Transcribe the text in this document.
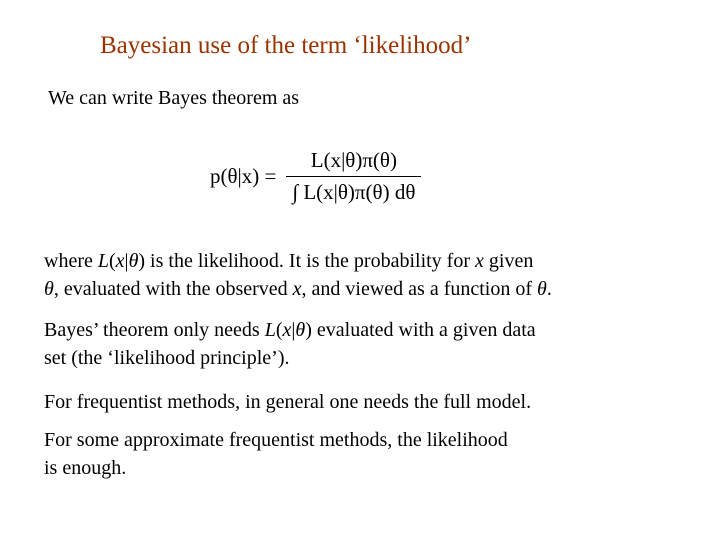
Bayesian use of the term ‘likelihood’
We can write Bayes theorem as
$p(\theta|x) = \frac{L(x|\theta)\pi(\theta)}{\int L(x|\theta)\pi(\theta) d\theta}$
where L(x|θ) is the likelihood. It is the probability for x given
θ, evaluated with the observed x, and viewed as a function of θ.
Bayes’ theorem only needs L(x|θ) evaluated with a given data
set (the ‘likelihood principle’).
For frequentist methods, in general one needs the full model.
For some approximate frequentist methods, the likelihood
is enough.
